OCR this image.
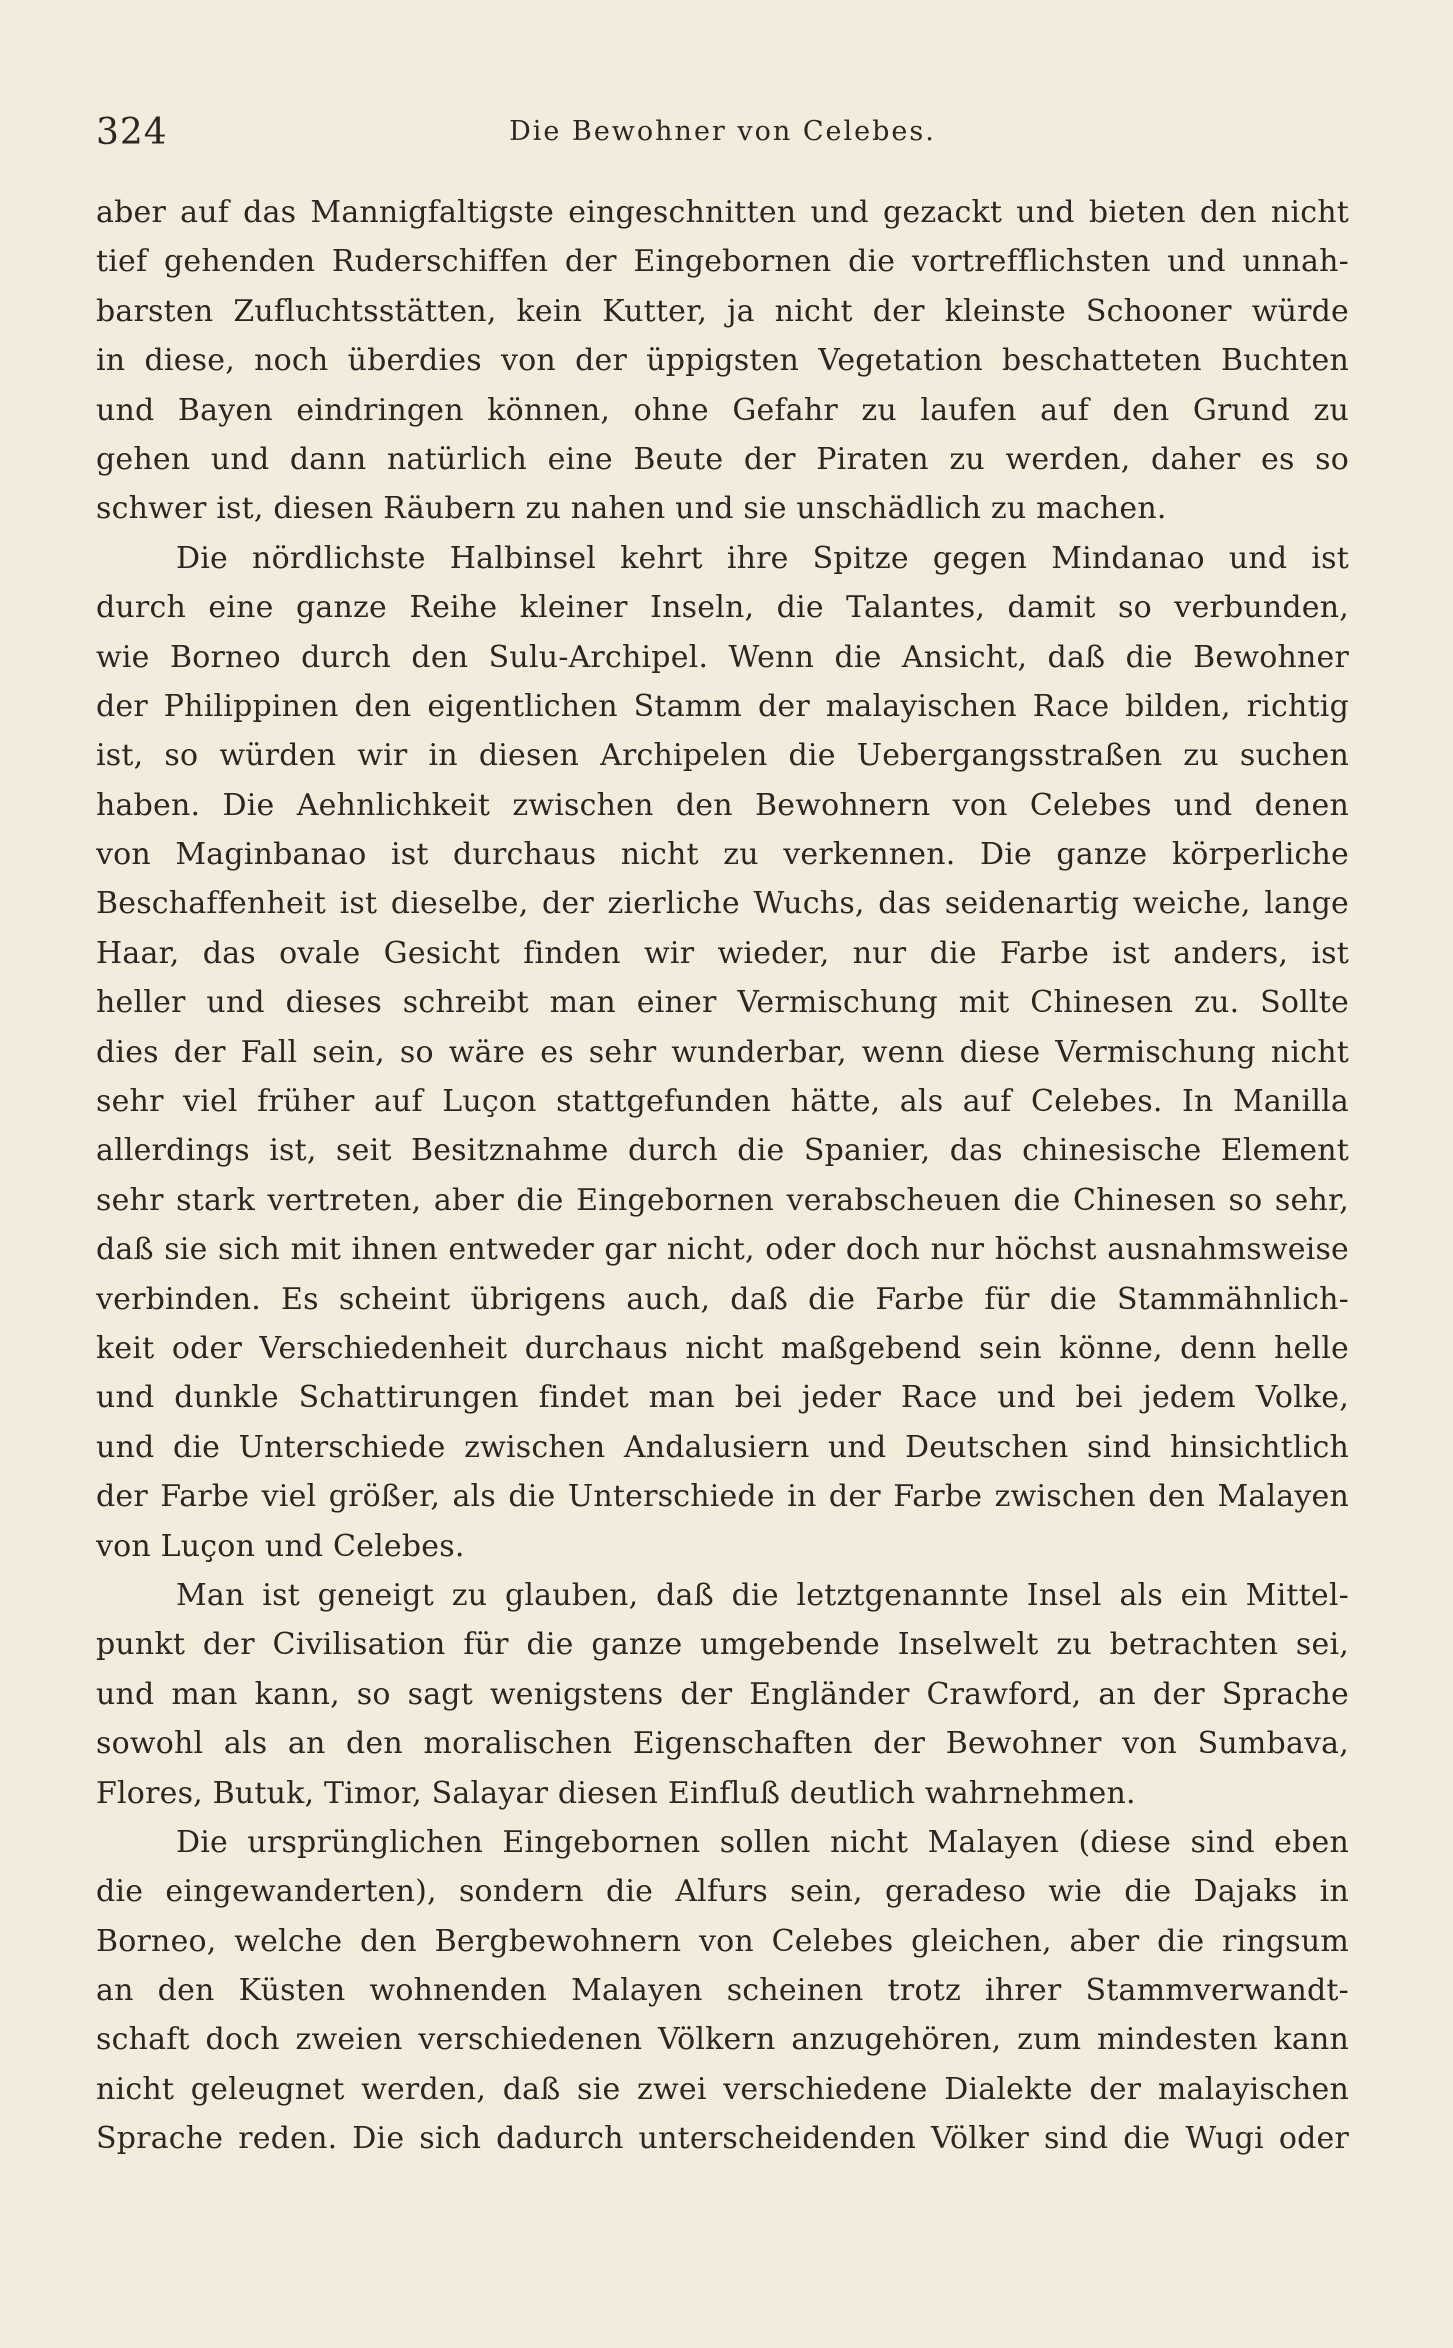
324	Die Bewohner von Celebes.
aber auf das Mannigfaltigste eingeschnitten und gezackt und bieten den nicht
tief gehenden Ruderschiffen der Eingebornen die vortrefflichsten und unnah-
barsten Zufluchtsstätten, kein Kutter, ja nicht der kleinste Schooner würde
in diese, noch überdies von der üppigsten Vegetation beschatteten Buchten
und Bayen eindringen können, ohne Gefahr zu laufen auf den Grund zu
gehen und dann natürlich eine Beute der Piraten zu werden, daher es so
schwer ist, diesen Räubern zu nahen und sie unschädlich zu machen.
Die nördlichste Halbinsel kehrt ihre Spitze gegen Mindanao und ist
durch eine ganze Reihe kleiner Inseln, die Talantes, damit so verbunden,
wie Borneo durch den Sulu-Archipel. Wenn die Ansicht, daß die Bewohner
der Philippinen den eigentlichen Stamm der malayischen Race bilden, richtig
ist, so würden wir in diesen Archipelen die Uebergangsstraßen zu suchen
haben. Die Aehnlichkeit zwischen den Bewohnern von Celebes und denen
von Maginbanao ist durchaus nicht zu verkennen. Die ganze körperliche
Beschaffenheit ist dieselbe, der zierliche Wuchs, das seidenartig weiche, lange
Haar, das ovale Gesicht finden wir wieder, nur die Farbe ist anders, ist
heller und dieses schreibt man einer Vermischung mit Chinesen zu. Sollte
dies der Fall sein, so wäre es sehr wunderbar, wenn diese Vermischung nicht
sehr viel früher auf Luçon stattgefunden hätte, als auf Celebes. In Manilla
allerdings ist, seit Besitznahme durch die Spanier, das chinesische Element
sehr stark vertreten, aber die Eingebornen verabscheuen die Chinesen so sehr,
daß sie sich mit ihnen entweder gar nicht, oder doch nur höchst ausnahmsweise
verbinden. Es scheint übrigens auch, daß die Farbe für die Stammähnlich-
keit oder Verschiedenheit durchaus nicht maßgebend sein könne, denn helle
und dunkle Schattirungen findet man bei jeder Race und bei jedem Volke,
und die Unterschiede zwischen Andalusiern und Deutschen sind hinsichtlich
der Farbe viel größer, als die Unterschiede in der Farbe zwischen den Malayen
von Luçon und Celebes.
Man ist geneigt zu glauben, daß die letztgenannte Insel als ein Mittel-
punkt der Civilisation für die ganze umgebende Inselwelt zu betrachten sei,
und man kann, so sagt wenigstens der Engländer Crawford, an der Sprache
sowohl als an den moralischen Eigenschaften der Bewohner von Sumbava,
Flores, Butuk, Timor, Salayar diesen Einfluß deutlich wahrnehmen.
Die ursprünglichen Eingebornen sollen nicht Malayen (diese sind eben
die eingewanderten), sondern die Alfurs sein, geradeso wie die Dajaks in
Borneo, welche den Bergbewohnern von Celebes gleichen, aber die ringsum
an den Küsten wohnenden Malayen scheinen trotz ihrer Stammverwandt-
schaft doch zweien verschiedenen Völkern anzugehören, zum mindesten kann
nicht geleugnet werden, daß sie zwei verschiedene Dialekte der malayischen
Sprache reden. Die sich dadurch unterscheidenden Völker sind die Wugi oder
